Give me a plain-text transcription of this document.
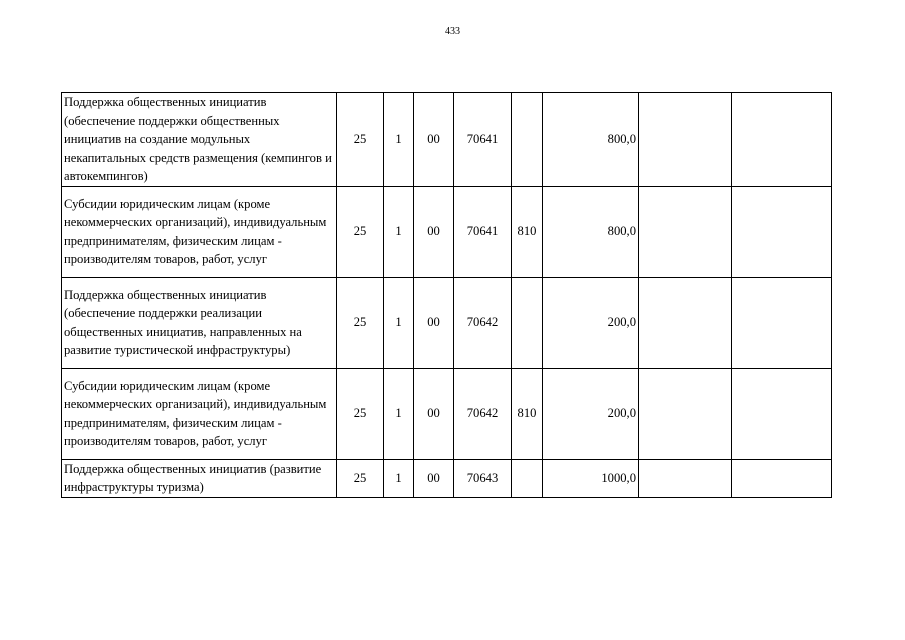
433
Поддержка общественных инициатив (обеспечение поддержки общественных инициатив на создание модульных некапитальных средств размещения (кемпингов и автокемпингов)	25	1	00	70641		800,0		
Субсидии юридическим лицам (кроме некоммерческих организаций), индивидуальным предпринимателям, физическим лицам - производителям товаров, работ, услуг	25	1	00	70641	810	800,0		
Поддержка общественных инициатив (обеспечение поддержки реализации общественных инициатив, направленных на развитие туристической инфраструктуры)	25	1	00	70642		200,0		
Субсидии юридическим лицам (кроме некоммерческих организаций), индивидуальным предпринимателям, физическим лицам - производителям товаров, работ, услуг	25	1	00	70642	810	200,0		
Поддержка общественных инициатив (развитие инфраструктуры туризма)	25	1	00	70643		1000,0		
